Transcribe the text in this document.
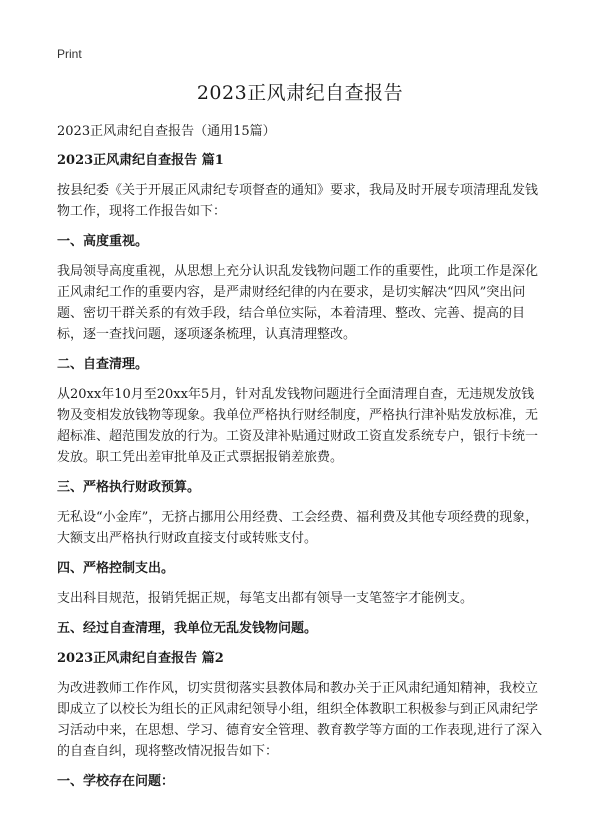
Print
2023正风肃纪自查报告

2023正风肃纪自查报告（通用15篇）

2023正风肃纪自查报告 篇1

按县纪委《关于开展正风肃纪专项督查的通知》要求，我局及时开展专项清理乱发钱物工作，现将工作报告如下：

一、高度重视。

我局领导高度重视，从思想上充分认识乱发钱物问题工作的重要性，此项工作是深化正风肃纪工作的重要内容，是严肃财经纪律的内在要求，是切实解决“四风”突出问题、密切干群关系的有效手段，结合单位实际，本着清理、整改、完善、提高的目标，逐一查找问题，逐项逐条梳理，认真清理整改。

二、自查清理。

从20xx年10月至20xx年5月，针对乱发钱物问题进行全面清理自查，无违规发放钱物及变相发放钱物等现象。我单位严格执行财经制度，严格执行津补贴发放标准，无超标准、超范围发放的行为。工资及津补贴通过财政工资直发系统专户，银行卡统一发放。职工凭出差审批单及正式票据报销差旅费。

三、严格执行财政预算。

无私设“小金库”，无挤占挪用公用经费、工会经费、福利费及其他专项经费的现象，大额支出严格执行财政直接支付或转账支付。

四、严格控制支出。

支出科目规范，报销凭据正规，每笔支出都有领导一支笔签字才能例支。

五、经过自查清理，我单位无乱发钱物问题。

2023正风肃纪自查报告 篇2

为改进教师工作作风，切实贯彻落实县教体局和教办关于正风肃纪通知精神，我校立即成立了以校长为组长的正风肃纪领导小组，组织全体教职工积极参与到正风肃纪学习活动中来，在思想、学习、德育安全管理、教育教学等方面的工作表现,进行了深入的自查自纠，现将整改情况报告如下：

一、学校存在问题：
